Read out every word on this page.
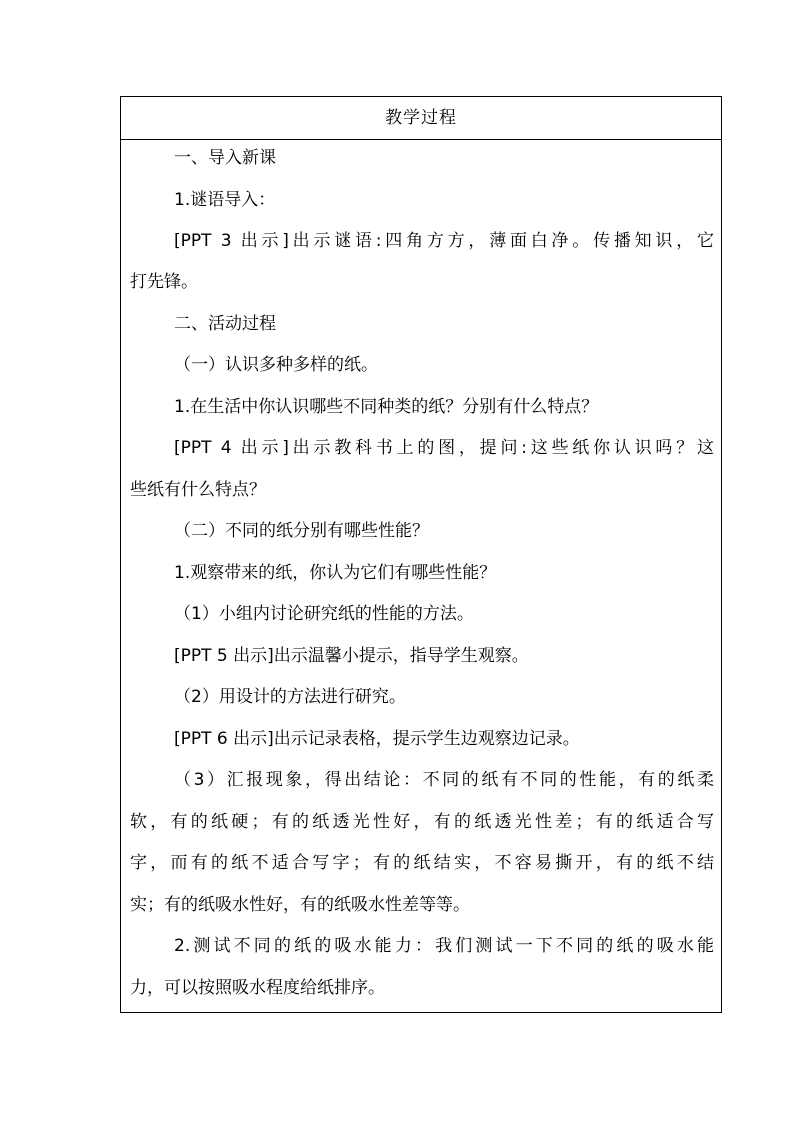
教学过程
一、导入新课
1.谜语导入：
[PPT 3 出示]出示谜语:四角方方，薄面白净。传播知识，它
打先锋。
二、活动过程
（一）认识多种多样的纸。
1.在生活中你认识哪些不同种类的纸？分别有什么特点？
[PPT 4 出示]出示教科书上的图，提问:这些纸你认识吗？这
些纸有什么特点？
（二）不同的纸分别有哪些性能？
1.观察带来的纸，你认为它们有哪些性能？
（1）小组内讨论研究纸的性能的方法。
[PPT 5 出示]出示温馨小提示，指导学生观察。
（2）用设计的方法进行研究。
[PPT 6 出示]出示记录表格，提示学生边观察边记录。
（3）汇报现象，得出结论：不同的纸有不同的性能，有的纸柔
软，有的纸硬；有的纸透光性好，有的纸透光性差；有的纸适合写
字，而有的纸不适合写字；有的纸结实，不容易撕开，有的纸不结
实；有的纸吸水性好，有的纸吸水性差等等。
2.测试不同的纸的吸水能力：我们测试一下不同的纸的吸水能
力，可以按照吸水程度给纸排序。
